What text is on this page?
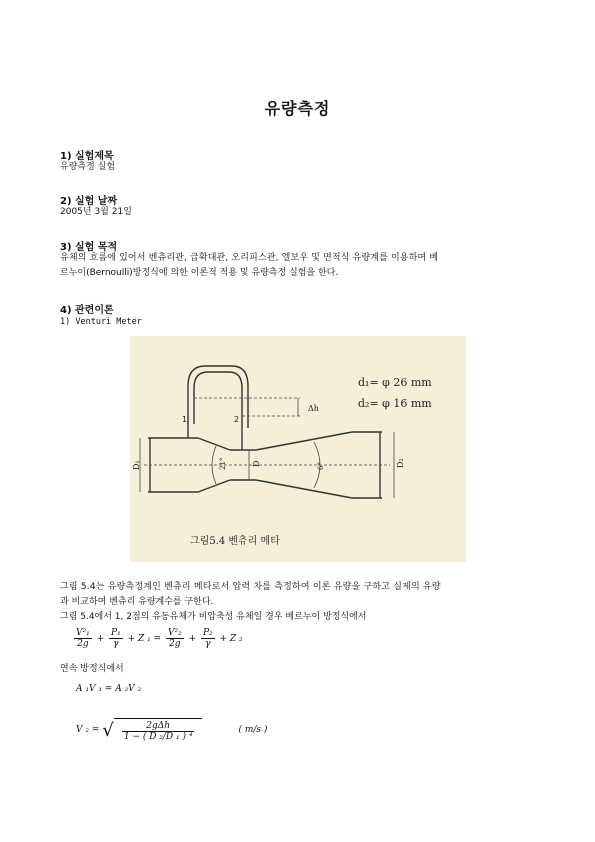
유량측정
1) 실험제목
유량측정 실험
2) 실험 날짜
2005년 3월 21일
3) 실험 목적
유체의 흐름에 있어서 벤츄리관, 급확대관, 오리피스관, 엘보우 및 면적식 유량계를 이용하여 베
르누이(Bernoulli)방정식에 의한 이론적 적용 및 유량측정 실험을 한다.
4) 관련이론
1) Venturi Meter
Δh
1	2
d₁= φ 26 mm
d₂= φ 16 mm
D₁	D	D₂
21°	6°
그림5.4 벤츄리 메타
그림 5.4는 유량측정계인 벤츄리 메타로서 압력 차를 측정하여 이론 유량을 구하고 실제의 유량
과 비교하여 벤츄리 유량계수를 구한다.
그림 5.4에서 1, 2점의 유동유체가 비압축성 유체일 경우 베르누이 방정식에서
$\frac{\text{V²₁}}{2g} + \frac{\text{P₁}}{\gamma} + Z$ $_1 = \frac{\text{V²₂}}{2g} + \frac{\text{P₂}}{\gamma} + Z$ ₂
연속 방정식에서
A ₁V ₁ = A ₂V ₂
V ₂ = √ $\frac{\text{2gΔh}}{\text{1 − ( D ₂/D ₁ ) ⁴}}$	( m/s )
